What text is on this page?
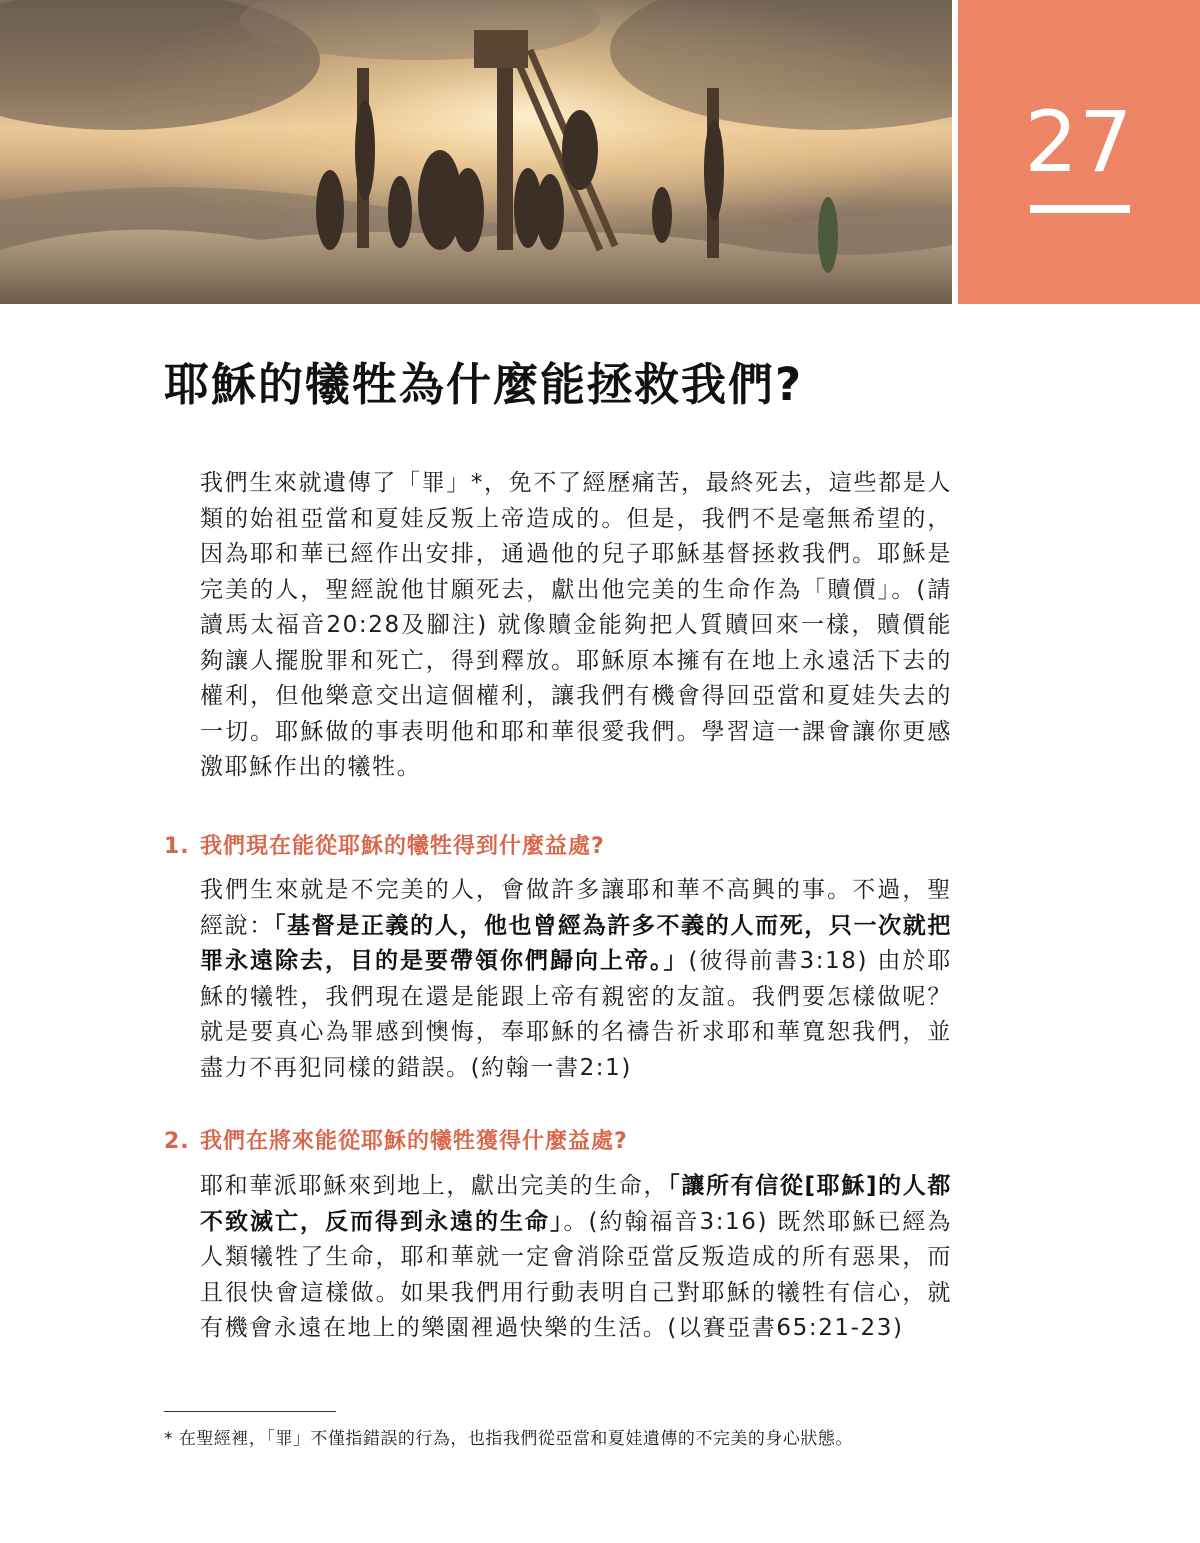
27
耶穌的犧牲為什麼能拯救我們?

我們生來就遺傳了「罪」*，免不了經歷痛苦，最終死去，這些都是人類的始祖亞當和夏娃反叛上帝造成的。但是，我們不是毫無希望的，因為耶和華已經作出安排，通過他的兒子耶穌基督拯救我們。耶穌是完美的人，聖經說他甘願死去，獻出他完美的生命作為「贖價」。(請讀馬太福音20:28及腳注) 就像贖金能夠把人質贖回來一樣，贖價能夠讓人擺脫罪和死亡，得到釋放。耶穌原本擁有在地上永遠活下去的權利，但他樂意交出這個權利，讓我們有機會得回亞當和夏娃失去的一切。耶穌做的事表明他和耶和華很愛我們。學習這一課會讓你更感激耶穌作出的犧牲。

1. 我們現在能從耶穌的犧牲得到什麼益處?

我們生來就是不完美的人，會做許多讓耶和華不高興的事。不過，聖經說：「基督是正義的人，他也曾經為許多不義的人而死，只一次就把罪永遠除去，目的是要帶領你們歸向上帝。」(彼得前書3:18) 由於耶穌的犧牲，我們現在還是能跟上帝有親密的友誼。我們要怎樣做呢？就是要真心為罪感到懊悔，奉耶穌的名禱告祈求耶和華寬恕我們，並盡力不再犯同樣的錯誤。(約翰一書2:1)

2. 我們在將來能從耶穌的犧牲獲得什麼益處?

耶和華派耶穌來到地上，獻出完美的生命，「讓所有信從[耶穌]的人都不致滅亡，反而得到永遠的生命」。(約翰福音3:16) 既然耶穌已經為人類犧牲了生命，耶和華就一定會消除亞當反叛造成的所有惡果，而且很快會這樣做。如果我們用行動表明自己對耶穌的犧牲有信心，就有機會永遠在地上的樂園裡過快樂的生活。(以賽亞書65:21-23)

* 在聖經裡，「罪」不僅指錯誤的行為，也指我們從亞當和夏娃遺傳的不完美的身心狀態。
